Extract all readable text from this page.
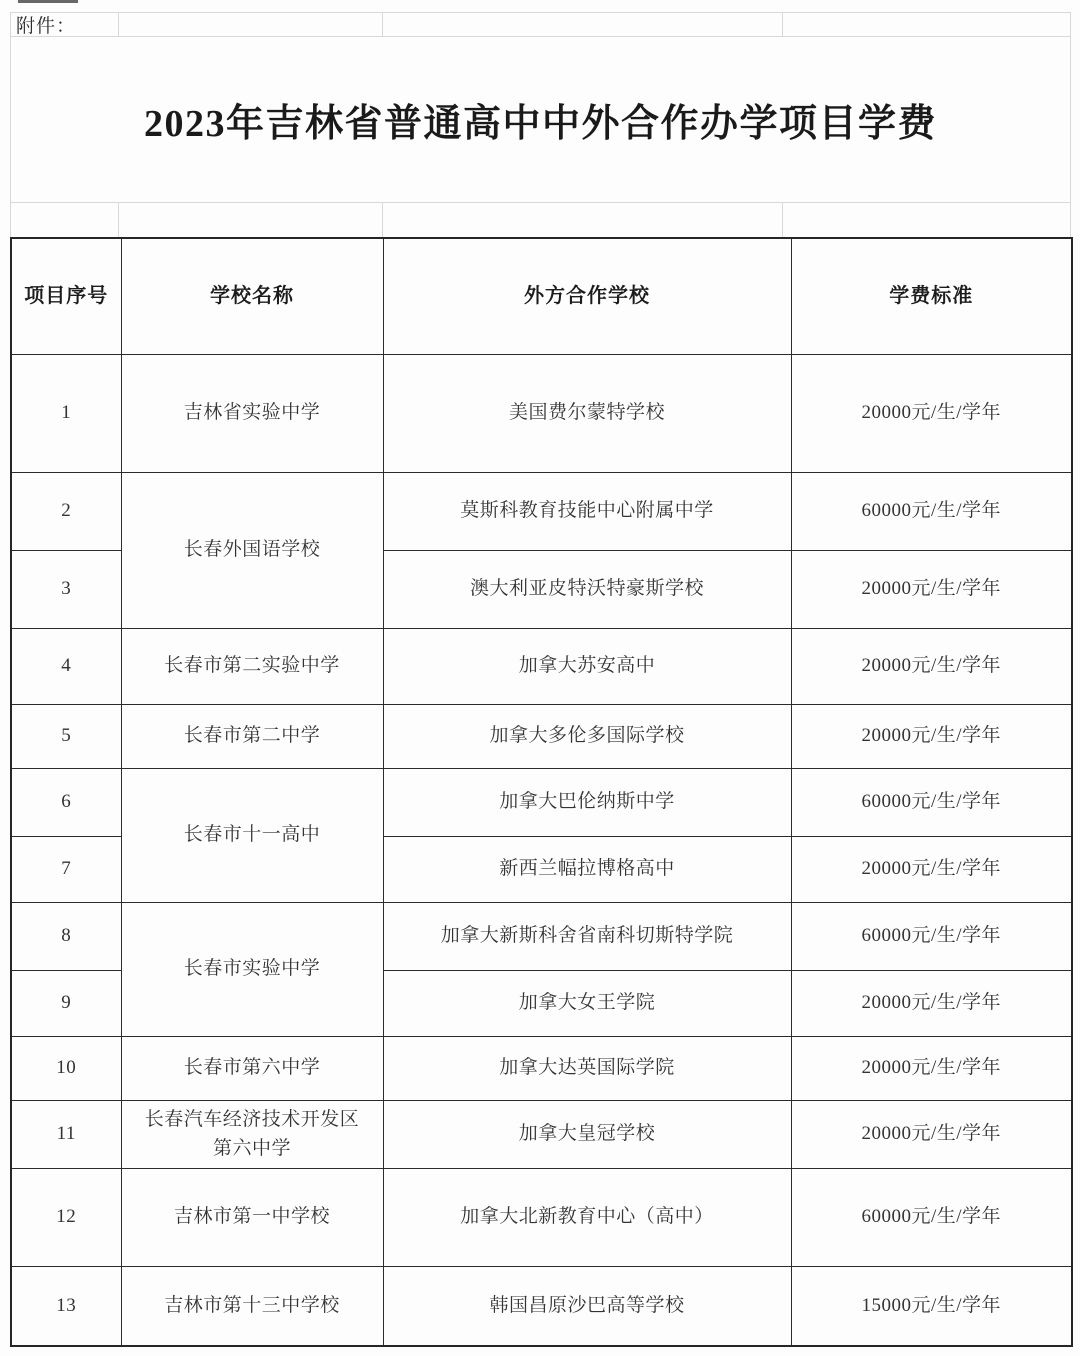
附件：
2023年吉林省普通高中中外合作办学项目学费
项目序号	学校名称	外方合作学校	学费标准
1	吉林省实验中学	美国费尔蒙特学校	20000元/生/学年
2	长春外国语学校	莫斯科教育技能中心附属中学	60000元/生/学年
3		澳大利亚皮特沃特豪斯学校	20000元/生/学年
4	长春市第二实验中学	加拿大苏安高中	20000元/生/学年
5	长春市第二中学	加拿大多伦多国际学校	20000元/生/学年
6	长春市十一高中	加拿大巴伦纳斯中学	60000元/生/学年
7		新西兰幅拉博格高中	20000元/生/学年
8	长春市实验中学	加拿大新斯科舍省南科切斯特学院	60000元/生/学年
9		加拿大女王学院	20000元/生/学年
10	长春市第六中学	加拿大达英国际学院	20000元/生/学年
11	长春汽车经济技术开发区第六中学	加拿大皇冠学校	20000元/生/学年
12	吉林市第一中学校	加拿大北新教育中心（高中）	60000元/生/学年
13	吉林市第十三中学校	韩国昌原沙巴高等学校	15000元/生/学年
